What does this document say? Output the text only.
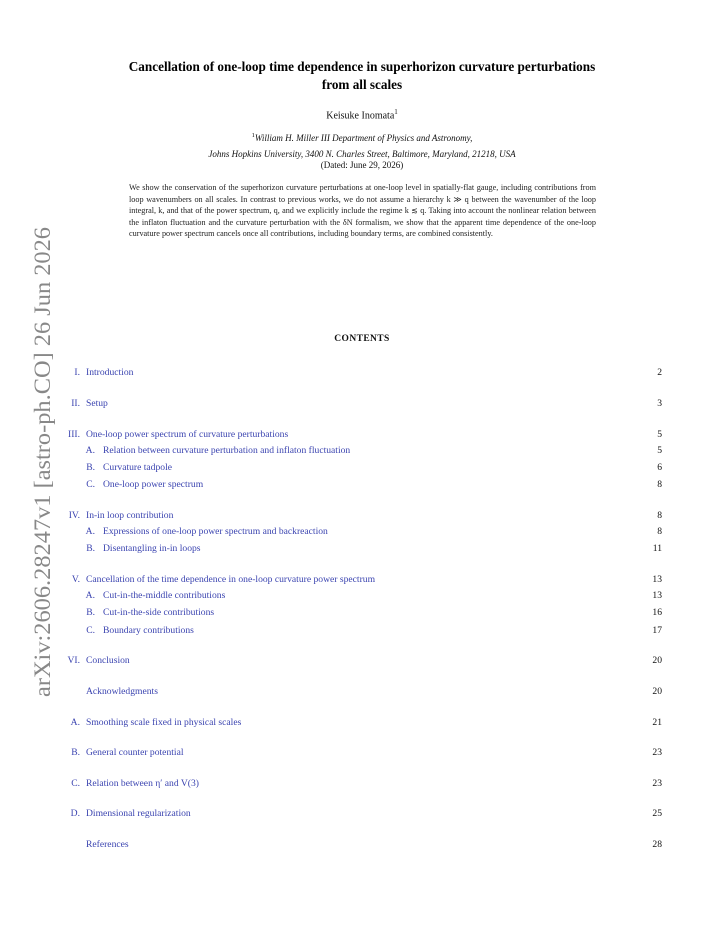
arXiv:2606.28247v1 [astro-ph.CO] 26 Jun 2026
Cancellation of one-loop time dependence in superhorizon curvature perturbations
from all scales
Keisuke Inomata$^1$
$^1$William H. Miller III Department of Physics and Astronomy,
Johns Hopkins University, 3400 N. Charles Street, Baltimore, Maryland, 21218, USA
(Dated: June 29, 2026)
We show the conservation of the superhorizon curvature perturbations at one-loop level in spatially-flat gauge, including contributions from loop wavenumbers on all scales. In contrast to previous works, we do not assume a hierarchy k ≫ q between the wavenumber of the loop integral, k, and that of the power spectrum, q, and we explicitly include the regime k ≲ q. Taking into account the nonlinear relation between the inflaton fluctuation and the curvature perturbation with the δN formalism, we show that the apparent time dependence of the one-loop curvature power spectrum cancels once all contributions, including boundary terms, are combined consistently.
CONTENTS
I. Introduction	2
II. Setup	3
III. One-loop power spectrum of curvature perturbations	5
A. Relation between curvature perturbation and inflaton fluctuation	5
B. Curvature tadpole	6
C. One-loop power spectrum	8
IV. In-in loop contribution	8
A. Expressions of one-loop power spectrum and backreaction	8
B. Disentangling in-in loops	11
V. Cancellation of the time dependence in one-loop curvature power spectrum	13
A. Cut-in-the-middle contributions	13
B. Cut-in-the-side contributions	16
C. Boundary contributions	17
VI. Conclusion	20
Acknowledgments	20
A. Smoothing scale fixed in physical scales	21
B. General counter potential	23
C. Relation between η′ and V(3)	23
D. Dimensional regularization	25
References	28
